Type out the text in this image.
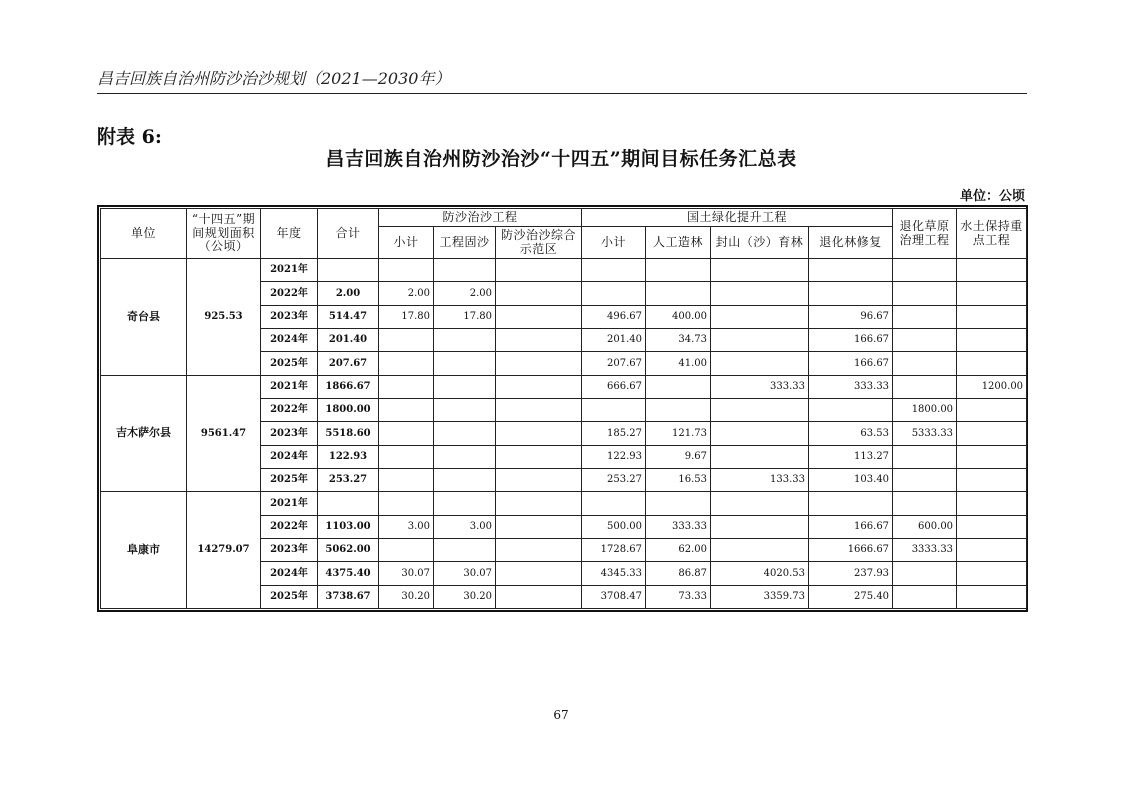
昌吉回族自治州防沙治沙规划（2021—2030年）
附表 6:
昌吉回族自治州防沙治沙“十四五”期间目标任务汇总表
单位：公顷
单位	“十四五”期间规划面积（公顷）	年度	合计	防沙治沙工程			国土绿化提升工程				退化草原治理工程	水土保持重点工程
				小计	工程固沙	防沙治沙综合示范区	小计	人工造林	封山（沙）育林	退化林修复		
奇台县	925.53	2021年										
		2022年	2.00	2.00	2.00							
		2023年	514.47	17.80	17.80		496.67	400.00		96.67		
		2024年	201.40				201.40	34.73		166.67		
		2025年	207.67				207.67	41.00		166.67		
吉木萨尔县	9561.47	2021年	1866.67				666.67		333.33	333.33		1200.00
		2022年	1800.00								1800.00	
		2023年	5518.60				185.27	121.73		63.53	5333.33	
		2024年	122.93				122.93	9.67		113.27		
		2025年	253.27				253.27	16.53	133.33	103.40		
阜康市	14279.07	2021年										
		2022年	1103.00	3.00	3.00		500.00	333.33		166.67	600.00	
		2023年	5062.00				1728.67	62.00		1666.67	3333.33	
		2024年	4375.40	30.07	30.07		4345.33	86.87	4020.53	237.93		
		2025年	3738.67	30.20	30.20		3708.47	73.33	3359.73	275.40		
67
